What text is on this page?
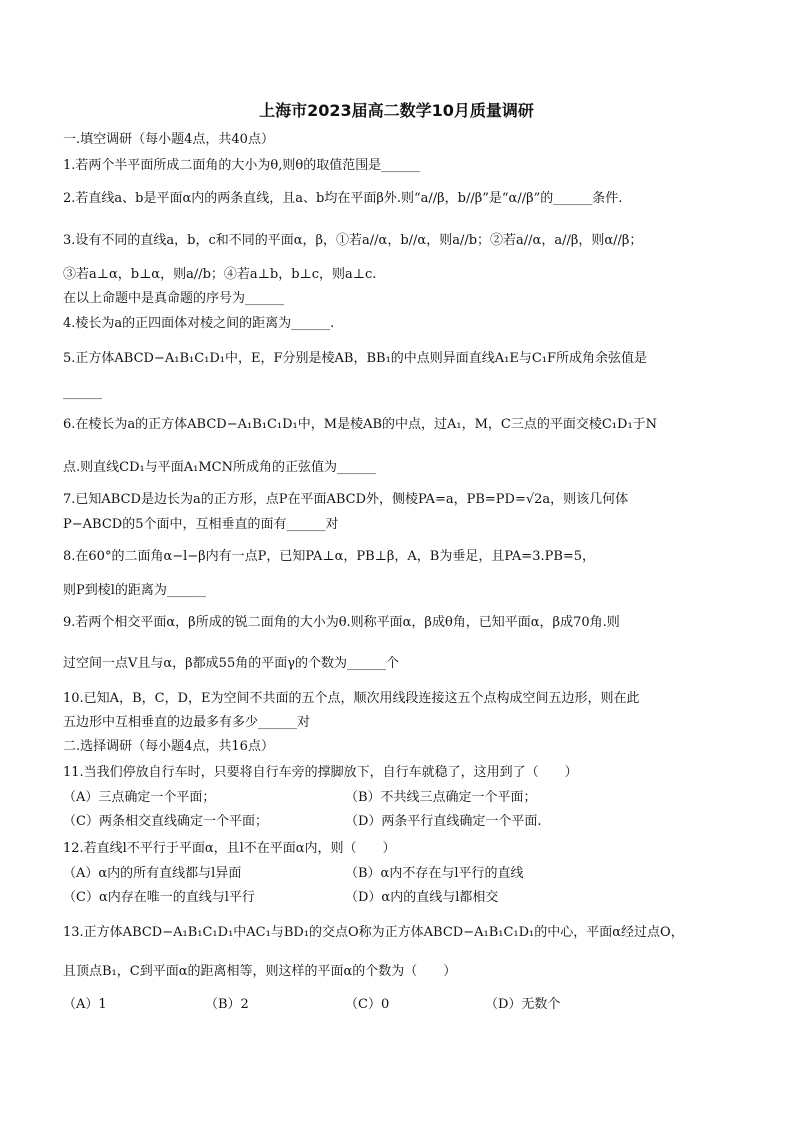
上海市2023届高二数学10月质量调研
一.填空调研（每小题4点，共40点）
1.若两个半平面所成二面角的大小为θ,则θ的取值范围是______
2.若直线a、b是平面α内的两条直线，且a、b均在平面β外.则“a//β，b//β”是“α//β”的______条件.
3.设有不同的直线a，b，c和不同的平面α，β，①若a//α，b//α，则a//b；②若a//α，a//β，则α//β；
③若a⊥α，b⊥α，则a//b；④若a⊥b，b⊥c，则a⊥c.
在以上命题中是真命题的序号为______
4.棱长为a的正四面体对棱之间的距离为______.
5.正方体ABCD−A₁B₁C₁D₁中，E，F分别是棱AB，BB₁的中点则异面直线A₁E与C₁F所成角余弦值是
______
6.在棱长为a的正方体ABCD−A₁B₁C₁D₁中，M是棱AB的中点，过A₁，M，C三点的平面交棱C₁D₁于N
点.则直线CD₁与平面A₁MCN所成角的正弦值为______
7.已知ABCD是边长为a的正方形，点P在平面ABCD外，侧棱PA=a，PB=PD=√2a，则该几何体
P−ABCD的5个面中，互相垂直的面有______对
8.在60°的二面角α−l−β内有一点P，已知PA⊥α，PB⊥β，A，B为垂足，且PA=3.PB=5，
则P到棱l的距离为______
9.若两个相交平面α，β所成的锐二面角的大小为θ.则称平面α，β成θ角，已知平面α，β成70角.则
过空间一点V且与α，β都成55角的平面γ的个数为______个
10.已知A，B，C，D，E为空间不共面的五个点，顺次用线段连接这五个点构成空间五边形，则在此
五边形中互相垂直的边最多有多少______对
二.选择调研（每小题4点，共16点）
11.当我们停放自行车时，只要将自行车旁的撑脚放下，自行车就稳了，这用到了（　　）
（A）三点确定一个平面；	（B）不共线三点确定一个平面；
（C）两条相交直线确定一个平面；	（D）两条平行直线确定一个平面.
12.若直线l不平行于平面α，且l不在平面α内，则（　　）
（A）α内的所有直线都与l异面	（B）α内不存在与l平行的直线
（C）α内存在唯一的直线与l平行	（D）α内的直线与l都相交
13.正方体ABCD−A₁B₁C₁D₁中AC₁与BD₁的交点O称为正方体ABCD−A₁B₁C₁D₁的中心，平面α经过点O，
且顶点B₁，C到平面α的距离相等，则这样的平面α的个数为（　　）
（A）1	（B）2	（C）0	（D）无数个
